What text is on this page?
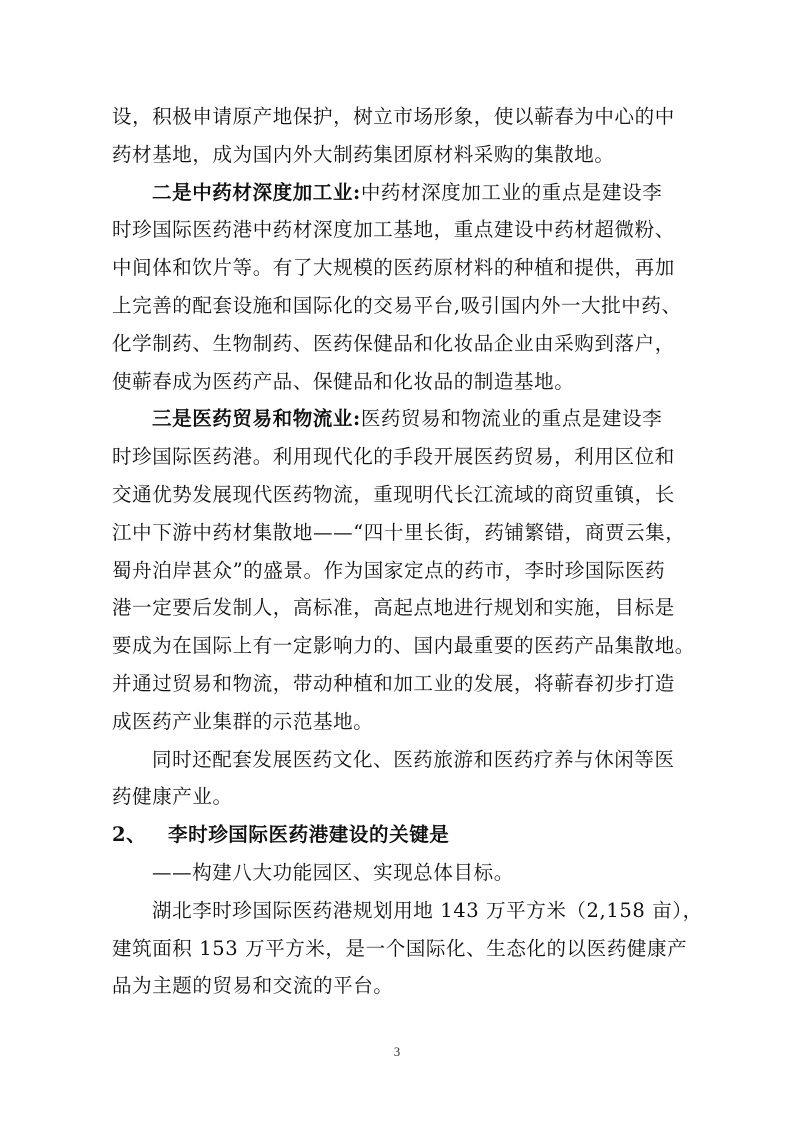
设，积极申请原产地保护，树立市场形象，使以蕲春为中心的中
药材基地，成为国内外大制药集团原材料采购的集散地。
二是中药材深度加工业:中药材深度加工业的重点是建设李
时珍国际医药港中药材深度加工基地，重点建设中药材超微粉、
中间体和饮片等。有了大规模的医药原材料的种植和提供，再加
上完善的配套设施和国际化的交易平台,吸引国内外一大批中药、
化学制药、生物制药、医药保健品和化妆品企业由采购到落户，
使蕲春成为医药产品、保健品和化妆品的制造基地。
三是医药贸易和物流业:医药贸易和物流业的重点是建设李
时珍国际医药港。利用现代化的手段开展医药贸易，利用区位和
交通优势发展现代医药物流，重现明代长江流域的商贸重镇，长
江中下游中药材集散地——“四十里长街，药铺繁错，商贾云集，
蜀舟泊岸甚众”的盛景。作为国家定点的药市，李时珍国际医药
港一定要后发制人，高标准，高起点地进行规划和实施，目标是
要成为在国际上有一定影响力的、国内最重要的医药产品集散地。
并通过贸易和物流，带动种植和加工业的发展，将蕲春初步打造
成医药产业集群的示范基地。
同时还配套发展医药文化、医药旅游和医药疗养与休闲等医
药健康产业。
2、 李时珍国际医药港建设的关键是
——构建八大功能园区、实现总体目标。
湖北李时珍国际医药港规划用地 143 万平方米（2,158 亩），
建筑面积 153 万平方米，是一个国际化、生态化的以医药健康产
品为主题的贸易和交流的平台。
3
